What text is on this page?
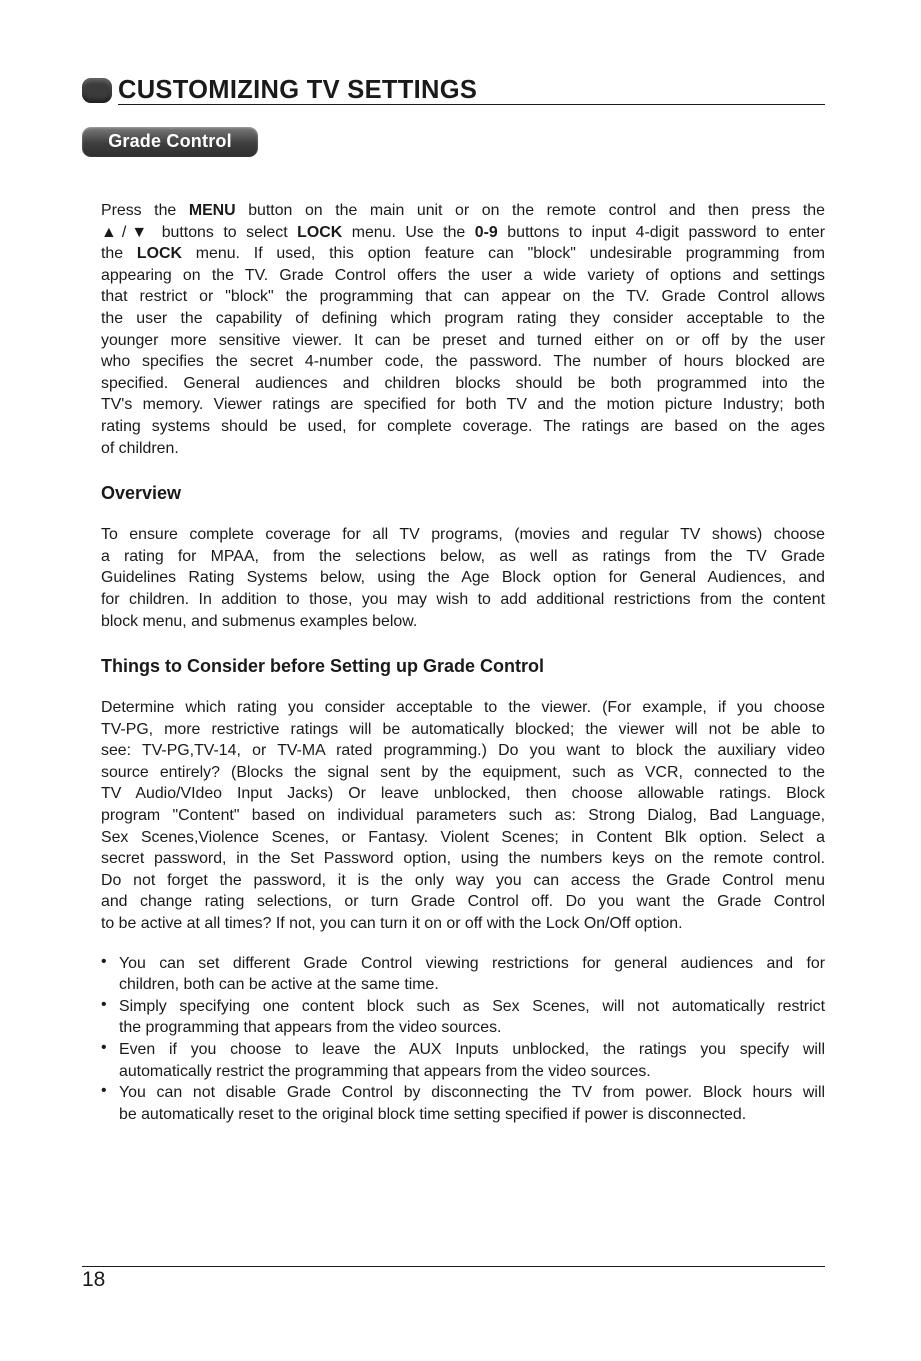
CUSTOMIZING TV SETTINGS
Grade Control

Press the MENU button on the main unit or on the remote control and then press the
▲/▼ buttons to select LOCK menu. Use the 0-9 buttons to input 4-digit password to enter
the LOCK menu. If used, this option feature can "block" undesirable programming from
appearing on the TV. Grade Control offers the user a wide variety of options and settings
that restrict or "block" the programming that can appear on the TV. Grade Control allows
the user the capability of defining which program rating they consider acceptable to the
younger more sensitive viewer. It can be preset and turned either on or off by the user
who specifies the secret 4-number code, the password. The number of hours blocked are
specified. General audiences and children blocks should be both programmed into the
TV's memory. Viewer ratings are specified for both TV and the motion picture Industry; both
rating systems should be used, for complete coverage. The ratings are based on the ages
of children.

Overview

To ensure complete coverage for all TV programs, (movies and regular TV shows) choose
a rating for MPAA, from the selections below, as well as ratings from the TV Grade
Guidelines Rating Systems below, using the Age Block option for General Audiences, and
for children. In addition to those, you may wish to add additional restrictions from the content
block menu, and submenus examples below.

Things to Consider before Setting up Grade Control

Determine which rating you consider acceptable to the viewer. (For example, if you choose
TV-PG, more restrictive ratings will be automatically blocked; the viewer will not be able to
see: TV-PG,TV-14, or TV-MA rated programming.) Do you want to block the auxiliary video
source entirely? (Blocks the signal sent by the equipment, such as VCR, connected to the
TV Audio/VIdeo Input Jacks) Or leave unblocked, then choose allowable ratings. Block
program "Content" based on individual parameters such as: Strong Dialog, Bad Language,
Sex Scenes,Violence Scenes, or Fantasy. Violent Scenes; in Content Blk option. Select a
secret password, in the Set Password option, using the numbers keys on the remote control.
Do not forget the password, it is the only way you can access the Grade Control menu
and change rating selections, or turn Grade Control off. Do you want the Grade Control
to be active at all times? If not, you can turn it on or off with the Lock On/Off option.

• You can set different Grade Control viewing restrictions for general audiences and for
children, both can be active at the same time.

• Simply specifying one content block such as Sex Scenes, will not automatically restrict
the programming that appears from the video sources.

• Even if you choose to leave the AUX Inputs unblocked, the ratings you specify will
automatically restrict the programming that appears from the video sources.

• You can not disable Grade Control by disconnecting the TV from power. Block hours will
be automatically reset to the original block time setting specified if power is disconnected.

18
